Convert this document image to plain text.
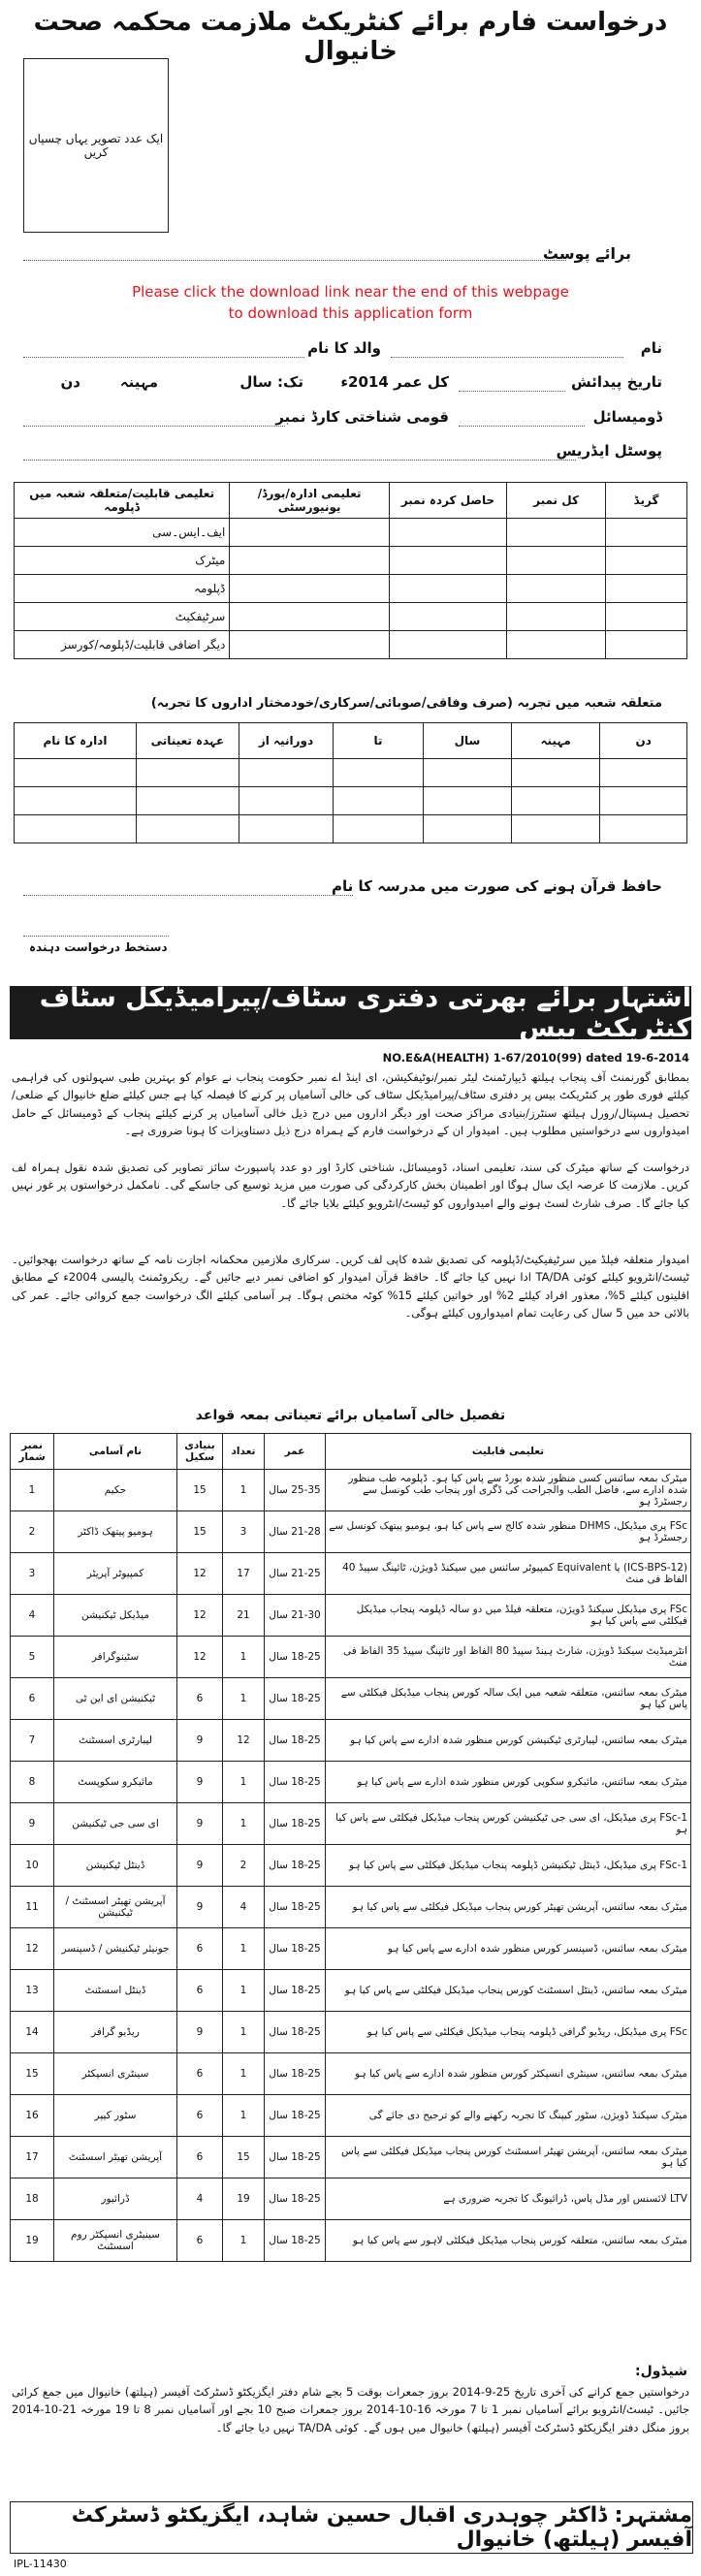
درخواست فارم برائے کنٹریکٹ ملازمت محکمہ صحت خانیوال
ایک عدد تصویر یہاں چسپاں کریں
برائے پوسٹ
Please click the download link near the end of this webpage
to download this application form
نام
والد کا نام
تاریخ پیدائش
کل عمر 2014ء
تک: سال
مہینہ
دن
ڈومیسائل
قومی شناختی کارڈ نمبر
پوسٹل ایڈریس
تعلیمی قابلیت/متعلقہ شعبہ میں ڈپلومہ	تعلیمی ادارہ/بورڈ/یونیورسٹی	حاصل کردہ نمبر	کل نمبر	گریڈ
ایف۔ایس۔سی				
میٹرک				
ڈپلومہ				
سرٹیفکیٹ				
دیگر اضافی قابلیت/ڈپلومہ/کورسز				
متعلقہ شعبہ میں تجربہ (صرف وفاقی/صوبائی/سرکاری/خودمختار اداروں کا تجربہ)
ادارہ کا نام	عہدہ تعیناتی	دورانیہ از	تا	سال	مہینہ	دن

حافظ قرآن ہونے کی صورت میں مدرسہ کا نام
دستخط درخواست دہندہ
اشتہار برائے بھرتی دفتری سٹاف/پیرامیڈیکل سٹاف کنٹریکٹ بیس
NO.E&A(HEALTH) 1-67/2010(99) dated 19-6-2014
بمطابق گورنمنٹ آف پنجاب ہیلتھ ڈیپارٹمنٹ لیٹر نمبر/نوٹیفکیشن، ای اینڈ اے نمبر حکومت پنجاب نے عوام کو بہترین طبی سہولتوں کی فراہمی کیلئے فوری طور پر کنٹریکٹ بیس پر دفتری سٹاف/پیرامیڈیکل سٹاف کی خالی آسامیاں پر کرنے کا فیصلہ کیا ہے جس کیلئے ضلع خانیوال کے ضلعی/تحصیل ہسپتال/رورل ہیلتھ سنٹرز/بنیادی مراکز صحت اور دیگر اداروں میں درج ذیل خالی آسامیاں پر کرنے کیلئے پنجاب کے ڈومیسائل کے حامل امیدواروں سے درخواستیں مطلوب ہیں۔ امیدوار ان کے درخواست فارم کے ہمراہ درج ذیل دستاویزات کا ہونا ضروری ہے۔
درخواست کے ساتھ میٹرک کی سند، تعلیمی اسناد، ڈومیسائل، شناختی کارڈ اور دو عدد پاسپورٹ سائز تصاویر کی تصدیق شدہ نقول ہمراہ لف کریں۔ ملازمت کا عرصہ ایک سال ہوگا اور اطمینان بخش کارکردگی کی صورت میں مزید توسیع کی جاسکے گی۔ نامکمل درخواستوں پر غور نہیں کیا جائے گا۔ صرف شارٹ لسٹ ہونے والے امیدواروں کو ٹیسٹ/انٹرویو کیلئے بلایا جائے گا۔
امیدوار متعلقہ فیلڈ میں سرٹیفیکیٹ/ڈپلومہ کی تصدیق شدہ کاپی لف کریں۔ سرکاری ملازمین محکمانہ اجازت نامہ کے ساتھ درخواست بھجوائیں۔ ٹیسٹ/انٹرویو کیلئے کوئی TA/DA ادا نہیں کیا جائے گا۔ حافظ قرآن امیدوار کو اضافی نمبر دیے جائیں گے۔ ریکروٹمنٹ پالیسی 2004ء کے مطابق اقلیتوں کیلئے 5%، معذور افراد کیلئے 2% اور خواتین کیلئے 15% کوٹہ مختص ہوگا۔ ہر آسامی کیلئے الگ درخواست جمع کروائی جائے۔ عمر کی بالائی حد میں 5 سال کی رعایت تمام امیدواروں کیلئے ہوگی۔
تفصیل خالی آسامیاں برائے تعیناتی بمعہ قواعد
نمبر شمار	نام آسامی	بنیادی سکیل	تعداد	عمر	تعلیمی قابلیت
1	حکیم	15	1	25-35 سال	میٹرک بمعہ سائنس کسی منظور شدہ بورڈ سے پاس کیا ہو۔ ڈپلومہ طب منظور شدہ ادارے سے، فاضل الطب والجراحت کی ڈگری اور پنجاب طب کونسل سے رجسٹرڈ ہو
2	ہومیو پیتھک ڈاکٹر	15	3	21-28 سال	FSc پری میڈیکل، DHMS منظور شدہ کالج سے پاس کیا ہو، ہومیو پیتھک کونسل سے رجسٹرڈ ہو
3	کمپیوٹر آپریٹر	12	17	21-25 سال	(ICS-BPS-12) یا Equivalent کمپیوٹر سائنس میں سیکنڈ ڈویژن، ٹائپنگ سپیڈ 40 الفاظ فی منٹ
4	میڈیکل ٹیکنیشن	12	21	21-30 سال	FSc پری میڈیکل سیکنڈ ڈویژن، متعلقہ فیلڈ میں دو سالہ ڈپلومہ پنجاب میڈیکل فیکلٹی سے پاس کیا ہو
5	سٹینوگرافر	12	1	18-25 سال	انٹرمیڈیٹ سیکنڈ ڈویژن، شارٹ ہینڈ سپیڈ 80 الفاظ اور ٹائپنگ سپیڈ 35 الفاظ فی منٹ
6	ٹیکنیشن ای این ٹی	6	1	18-25 سال	میٹرک بمعہ سائنس، متعلقہ شعبہ میں ایک سالہ کورس پنجاب میڈیکل فیکلٹی سے پاس کیا ہو
7	لیبارٹری اسسٹنٹ	9	12	18-25 سال	میٹرک بمعہ سائنس، لیبارٹری ٹیکنیشن کورس منظور شدہ ادارے سے پاس کیا ہو
8	مائیکرو سکوپسٹ	9	1	18-25 سال	میٹرک بمعہ سائنس، مائیکرو سکوپی کورس منظور شدہ ادارے سے پاس کیا ہو
9	ای سی جی ٹیکنیشن	9	1	18-25 سال	FSc-1 پری میڈیکل، ای سی جی ٹیکنیشن کورس پنجاب میڈیکل فیکلٹی سے پاس کیا ہو
10	ڈینٹل ٹیکنیشن	9	2	18-25 سال	FSc-1 پری میڈیکل، ڈینٹل ٹیکنیشن ڈپلومہ پنجاب میڈیکل فیکلٹی سے پاس کیا ہو
11	آپریشن تھیٹر اسسٹنٹ / ٹیکنیشن	9	4	18-25 سال	میٹرک بمعہ سائنس، آپریشن تھیٹر کورس پنجاب میڈیکل فیکلٹی سے پاس کیا ہو
12	جونیئر ٹیکنیشن / ڈسپنسر	6	1	18-25 سال	میٹرک بمعہ سائنس، ڈسپنسر کورس منظور شدہ ادارے سے پاس کیا ہو
13	ڈینٹل اسسٹنٹ	6	1	18-25 سال	میٹرک بمعہ سائنس، ڈینٹل اسسٹنٹ کورس پنجاب میڈیکل فیکلٹی سے پاس کیا ہو
14	ریڈیو گرافر	9	1	18-25 سال	FSc پری میڈیکل، ریڈیو گرافی ڈپلومہ پنجاب میڈیکل فیکلٹی سے پاس کیا ہو
15	سینٹری انسپکٹر	6	1	18-25 سال	میٹرک بمعہ سائنس، سینٹری انسپکٹر کورس منظور شدہ ادارے سے پاس کیا ہو
16	سٹور کیپر	6	1	18-25 سال	میٹرک سیکنڈ ڈویژن، سٹور کیپنگ کا تجربہ رکھنے والے کو ترجیح دی جائے گی
17	آپریشن تھیٹر اسسٹنٹ	6	15	18-25 سال	میٹرک بمعہ سائنس، آپریشن تھیٹر اسسٹنٹ کورس پنجاب میڈیکل فیکلٹی سے پاس کیا ہو
18	ڈرائیور	4	19	18-25 سال	LTV لائسنس اور مڈل پاس، ڈرائیونگ کا تجربہ ضروری ہے
19	سینیٹری انسپکٹر روم اسسٹنٹ	6	1	18-25 سال	میٹرک بمعہ سائنس، متعلقہ کورس پنجاب میڈیکل فیکلٹی لاہور سے پاس کیا ہو
شیڈول:
درخواستیں جمع کرانے کی آخری تاریخ 25-9-2014 بروز جمعرات بوقت 5 بجے شام دفتر ایگزیکٹو ڈسٹرکٹ آفیسر (ہیلتھ) خانیوال میں جمع کرائی جائیں۔ ٹیسٹ/انٹرویو برائے آسامیاں نمبر 1 تا 7 مورخہ 16-10-2014 بروز جمعرات صبح 10 بجے اور آسامیاں نمبر 8 تا 19 مورخہ 21-10-2014 بروز منگل دفتر ایگزیکٹو ڈسٹرکٹ آفیسر (ہیلتھ) خانیوال میں ہوں گے۔ کوئی TA/DA نہیں دیا جائے گا۔
مشتہر: ڈاکٹر چوہدری اقبال حسین شاہد، ایگزیکٹو ڈسٹرکٹ آفیسر (ہیلتھ) خانیوال
IPL-11430
